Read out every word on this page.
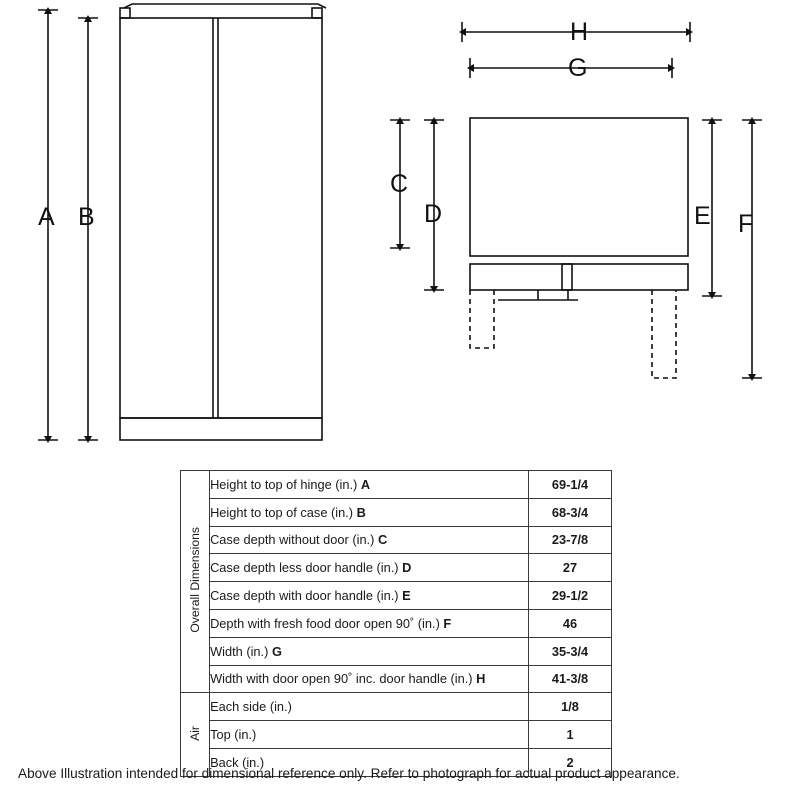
A B
H
G
C
D	E F
Overall Dimensions	Height to top of hinge (in.) A	69-1/4
	Height to top of case (in.) B	68-3/4
	Case depth without door (in.) C	23-7/8
	Case depth less door handle (in.) D	27
	Case depth with door handle (in.) E	29-1/2
	Depth with fresh food door open 90˚ (in.) F	46
	Width (in.) G	35-3/4
	Width with door open 90˚ inc. door handle (in.) H	41-3/8
Air	Each side (in.)	1/8
	Top (in.)	1
	Back (in.)	2
Above Illustration intended for dimensional reference only. Refer to photograph for actual product appearance.
